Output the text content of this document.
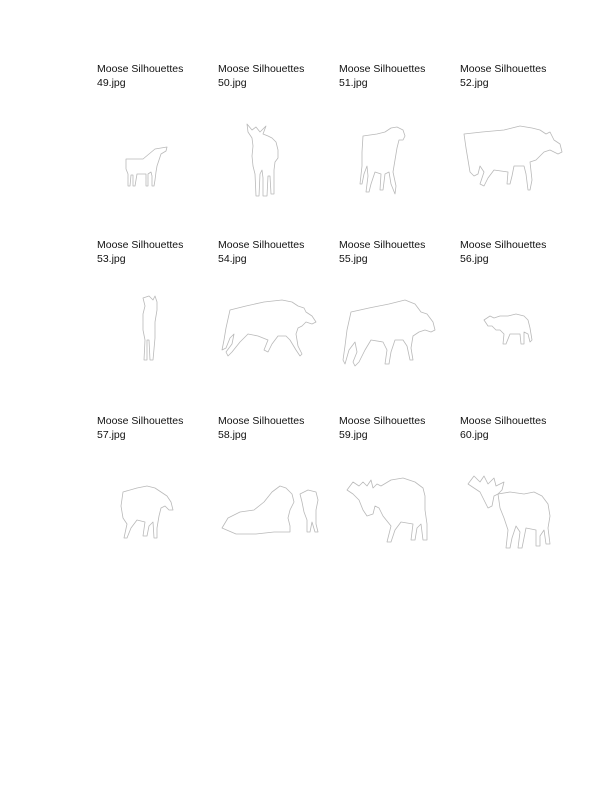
Moose Silhouettes
49.jpg
Moose Silhouettes
50.jpg
Moose Silhouettes
51.jpg
Moose Silhouettes
52.jpg
Moose Silhouettes
53.jpg
Moose Silhouettes
54.jpg
Moose Silhouettes
55.jpg
Moose Silhouettes
56.jpg
Moose Silhouettes
57.jpg
Moose Silhouettes
58.jpg
Moose Silhouettes
59.jpg
Moose Silhouettes
60.jpg
